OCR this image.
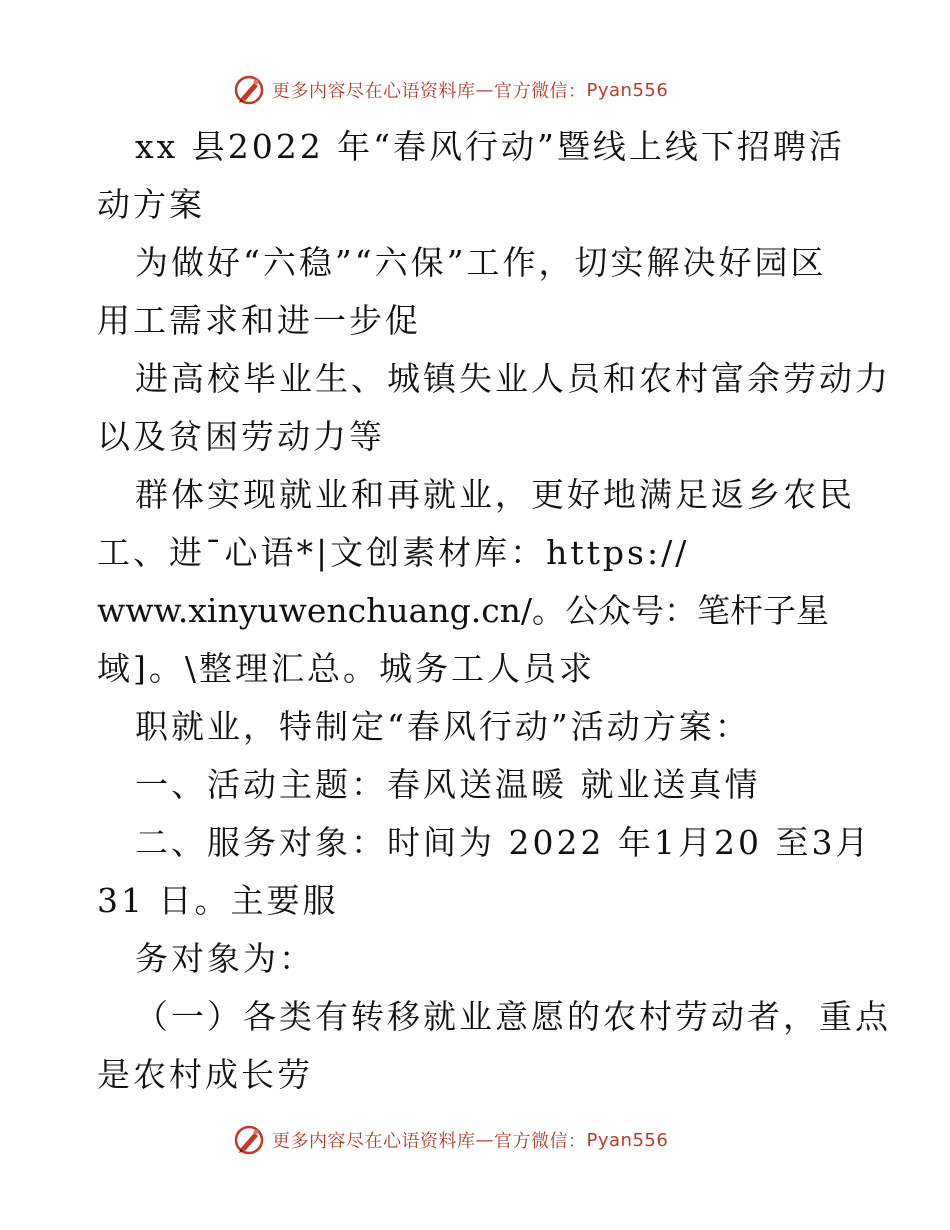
更多内容尽在心语资料库 — 官方微信： Pyan556
xx 县2022 年“春风行动”暨线上线下招聘活
动方案
为做好“六稳”“六保”工作，切实解决好园区
用工需求和进一步促
进高校毕业生、城镇失业人员和农村富余劳动力
以及贫困劳动力等
群体实现就业和再就业，更好地满足返乡农民
工、进¯心语*|文创素材库：https://
www.xinyuwenchuang.cn/。公众号：笔杆子星
域]。\整理汇总。城务工人员求
职就业，特制定“春风行动”活动方案：
一、活动主题：春风送温暖 就业送真情
二、服务对象：时间为 2022 年1月20 至3月
31 日。主要服
务对象为：
（一）各类有转移就业意愿的农村劳动者，重点
是农村成长劳
更多内容尽在心语资料库 — 官方微信： Pyan556
